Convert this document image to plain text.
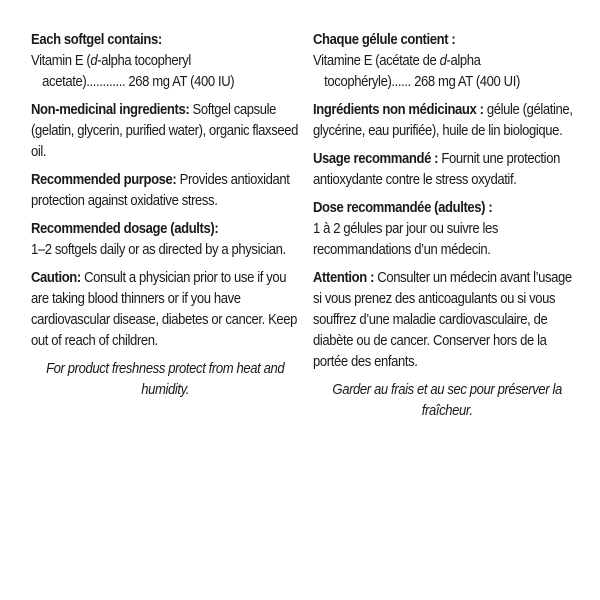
Each softgel contains:
Vitamin E (d-alpha tocopheryl
acetate)............ 268 mg AT (400 IU)
Non-medicinal ingredients: Softgel capsule (gelatin, glycerin, purified water), organic flaxseed oil.
Recommended purpose: Provides antioxidant protection against oxidative stress.
Recommended dosage (adults):
1–2 softgels daily or as directed by a physician.
Caution: Consult a physician prior to use if you are taking blood thinners or if you have cardiovascular disease, diabetes or cancer. Keep out of reach of children.
For product freshness protect from heat and humidity.
Chaque gélule contient :
Vitamine E (acétate de d-alpha
tocophéryle)...... 268 mg AT (400 UI)
Ingrédients non médicinaux : gélule (gélatine, glycérine, eau purifiée), huile de lin biologique.
Usage recommandé : Fournit une protection antioxydante contre le stress oxydatif.
Dose recommandée (adultes) :
1 à 2 gélules par jour ou suivre les recommandations d’un médecin.
Attention : Consulter un médecin avant l’usage si vous prenez des anticoagulants ou si vous souffrez d’une maladie cardiovasculaire, de diabète ou de cancer. Conserver hors de la portée des enfants.
Garder au frais et au sec pour préserver la fraîcheur.
